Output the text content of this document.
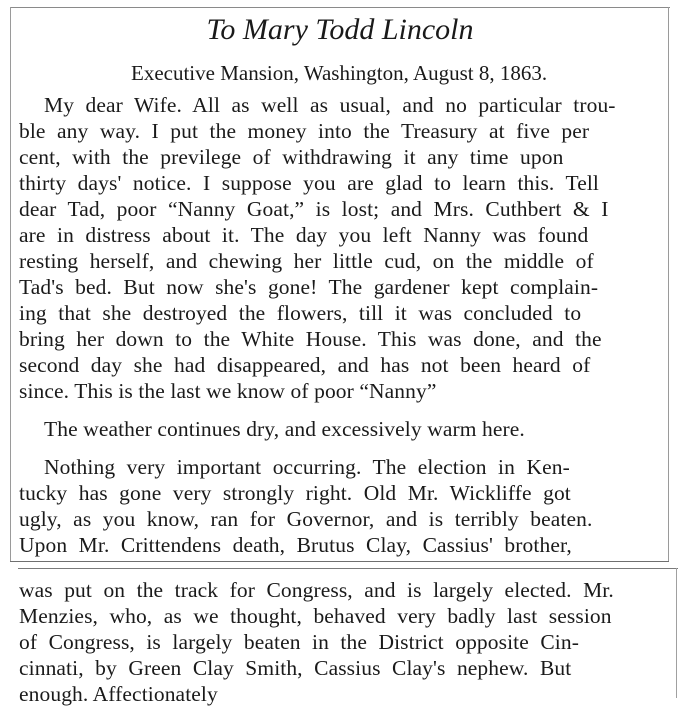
To Mary Todd Lincoln
Executive Mansion, Washington, August 8, 1863.
My dear Wife. All as well as usual, and no particular trou-
ble any way. I put the money into the Treasury at five per
cent, with the previlege of withdrawing it any time upon
thirty days' notice. I suppose you are glad to learn this. Tell
dear Tad, poor “Nanny Goat,” is lost; and Mrs. Cuthbert & I
are in distress about it. The day you left Nanny was found
resting herself, and chewing her little cud, on the middle of
Tad's bed. But now she's gone! The gardener kept complain-
ing that she destroyed the flowers, till it was concluded to
bring her down to the White House. This was done, and the
second day she had disappeared, and has not been heard of
since. This is the last we know of poor “Nanny”
The weather continues dry, and excessively warm here.
Nothing very important occurring. The election in Ken-
tucky has gone very strongly right. Old Mr. Wickliffe got
ugly, as you know, ran for Governor, and is terribly beaten.
Upon Mr. Crittendens death, Brutus Clay, Cassius' brother,
was put on the track for Congress, and is largely elected. Mr.
Menzies, who, as we thought, behaved very badly last session
of Congress, is largely beaten in the District opposite Cin-
cinnati, by Green Clay Smith, Cassius Clay's nephew. But
enough. Affectionately
